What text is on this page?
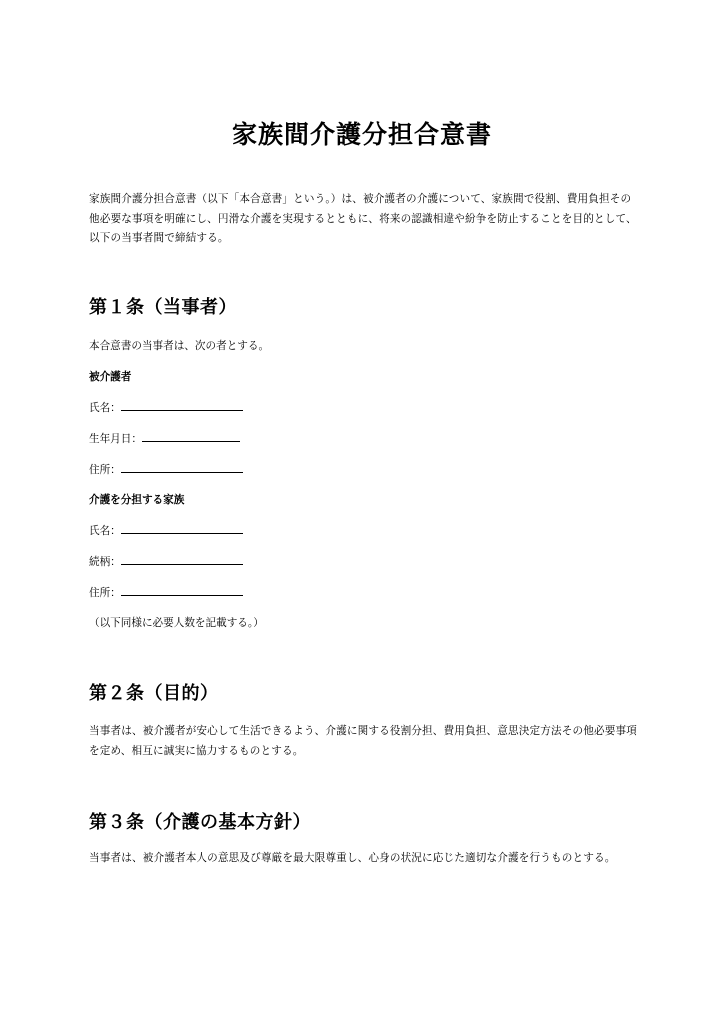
家族間介護分担合意書

家族間介護分担合意書（以下「本合意書」という。）は、被介護者の介護について、家族間で役割、費用負担その他必要な事項を明確にし、円滑な介護を実現するとともに、将来の認識相違や紛争を防止することを目的として、以下の当事者間で締結する。

第１条（当事者）

本合意書の当事者は、次の者とする。

被介護者

氏名：
生年月日：
住所：

介護を分担する家族

氏名：
続柄：
住所：

（以下同様に必要人数を記載する。）

第２条（目的）

当事者は、被介護者が安心して生活できるよう、介護に関する役割分担、費用負担、意思決定方法その他必要事項を定め、相互に誠実に協力するものとする。

第３条（介護の基本方針）

当事者は、被介護者本人の意思及び尊厳を最大限尊重し、心身の状況に応じた適切な介護を行うものとする。
